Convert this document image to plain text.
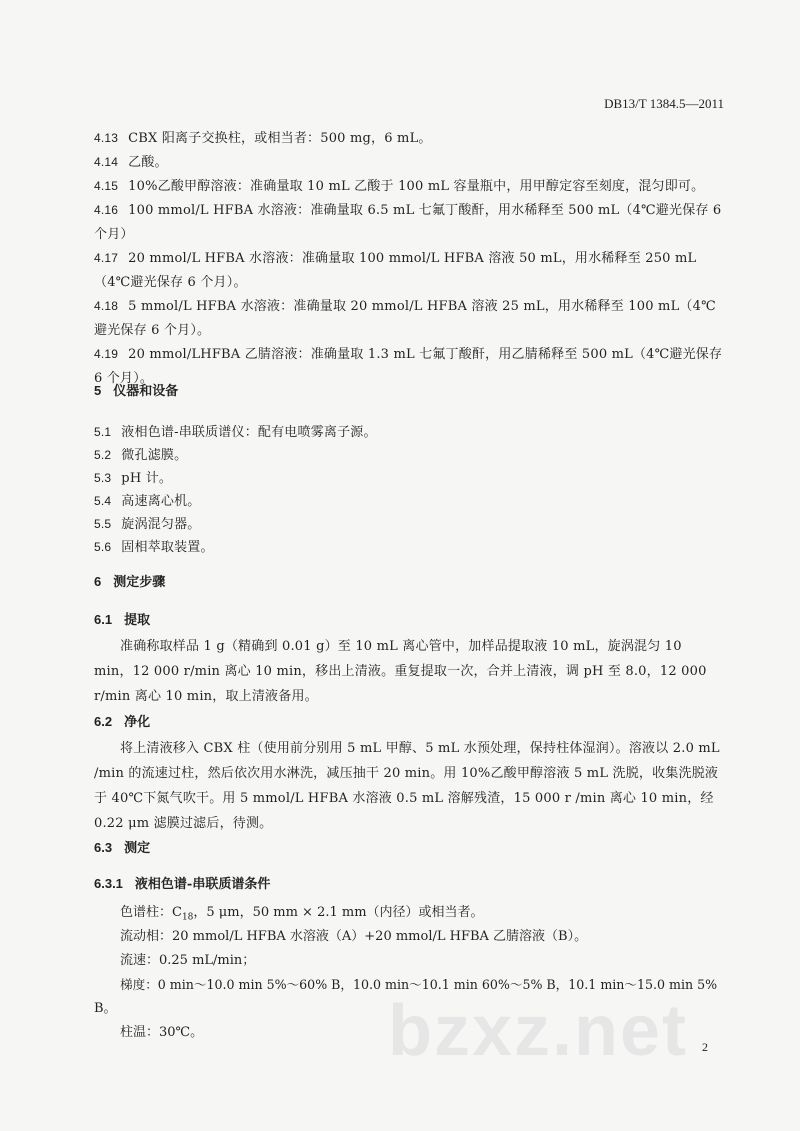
DB13/T 1384.5—2011
4.13 CBX 阳离子交换柱，或相当者：500 mg，6 mL。
4.14 乙酸。
4.15 10%乙酸甲醇溶液：准确量取 10 mL 乙酸于 100 mL 容量瓶中，用甲醇定容至刻度，混匀即可。
4.16 100 mmol/L HFBA 水溶液：准确量取 6.5 mL 七氟丁酸酐，用水稀释至 500 mL（4℃避光保存 6 个月）
4.17 20 mmol/L HFBA 水溶液：准确量取 100 mmol/L HFBA 溶液 50 mL，用水稀释至 250 mL（4℃避光保存 6 个月）。
4.18 5 mmol/L HFBA 水溶液：准确量取 20 mmol/L HFBA 溶液 25 mL，用水稀释至 100 mL（4℃避光保存 6 个月）。
4.19 20 mmol/LHFBA 乙腈溶液：准确量取 1.3 mL 七氟丁酸酐，用乙腈稀释至 500 mL（4℃避光保存 6 个月）。
5 仪器和设备
5.1 液相色谱-串联质谱仪：配有电喷雾离子源。
5.2 微孔滤膜。
5.3 pH 计。
5.4 高速离心机。
5.5 旋涡混匀器。
5.6 固相萃取装置。
6 测定步骤
6.1 提取
准确称取样品 1 g（精确到 0.01 g）至 10 mL 离心管中，加样品提取液 10 mL，旋涡混匀 10 min，12 000 r/min 离心 10 min，移出上清液。重复提取一次，合并上清液，调 pH 至 8.0，12 000 r/min 离心 10 min，取上清液备用。
6.2 净化
将上清液移入 CBX 柱（使用前分别用 5 mL 甲醇、5 mL 水预处理，保持柱体湿润）。溶液以 2.0 mL /min 的流速过柱，然后依次用水淋洗，减压抽干 20 min。用 10%乙酸甲醇溶液 5 mL 洗脱，收集洗脱液于 40℃下氮气吹干。用 5 mmol/L HFBA 水溶液 0.5 mL 溶解残渣，15 000 r /min 离心 10 min，经 0.22 μm 滤膜过滤后，待测。
6.3 测定
6.3.1 液相色谱-串联质谱条件
色谱柱：$C_{18}$，5 μm，50 mm × 2.1 mm（内径）或相当者。
流动相：20 mmol/L HFBA 水溶液（A）+20 mmol/L HFBA 乙腈溶液（B）。
流速：0.25 mL/min；
梯度：0 min～10.0 min 5%～60% B，10.0 min～10.1 min 60%～5% B，10.1 min～15.0 min 5%
B。
柱温：30℃。	bzxz.net 2
